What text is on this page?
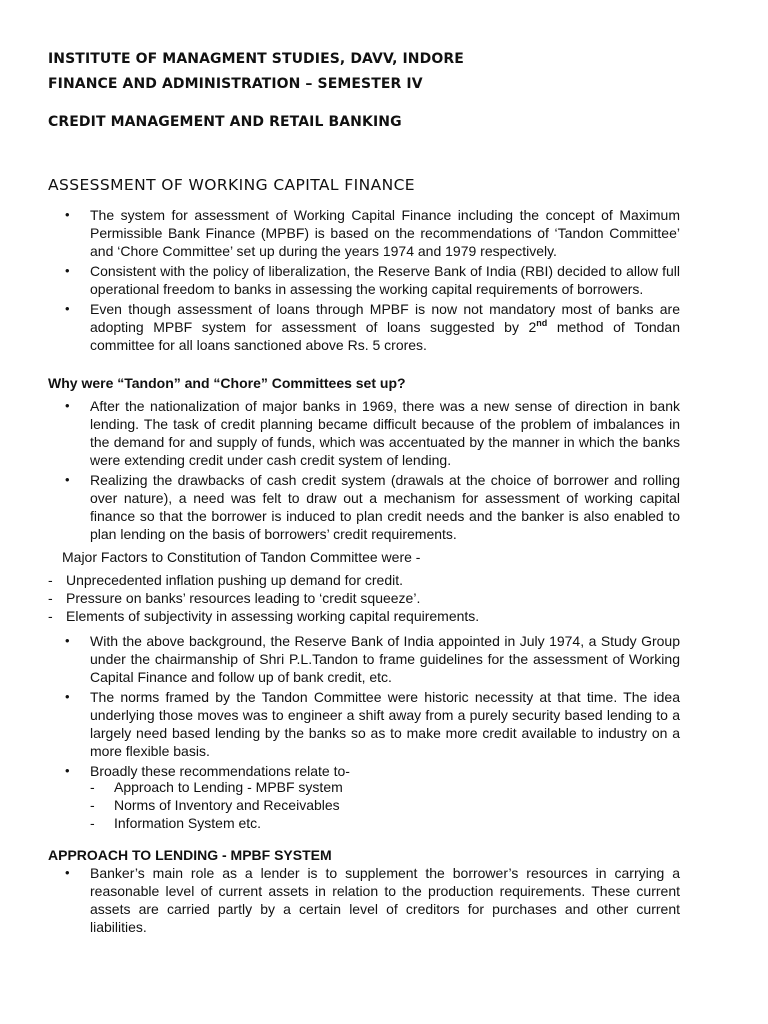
INSTITUTE OF MANAGMENT STUDIES, DAVV, INDORE
FINANCE AND ADMINISTRATION – SEMESTER IV
CREDIT MANAGEMENT AND RETAIL BANKING
ASSESSMENT OF WORKING CAPITAL FINANCE
• The system for assessment of Working Capital Finance including the concept of Maximum Permissible Bank Finance (MPBF) is based on the recommendations of ‘Tandon Committee’ and ‘Chore Committee’ set up during the years 1974 and 1979 respectively.
• Consistent with the policy of liberalization, the Reserve Bank of India (RBI) decided to allow full operational freedom to banks in assessing the working capital requirements of borrowers.
• Even though assessment of loans through MPBF is now not mandatory most of banks are adopting MPBF system for assessment of loans suggested by 2nd method of Tondan committee for all loans sanctioned above Rs. 5 crores.
Why were “Tandon” and “Chore” Committees set up?
• After the nationalization of major banks in 1969, there was a new sense of direction in bank lending. The task of credit planning became difficult because of the problem of imbalances in the demand for and supply of funds, which was accentuated by the manner in which the banks were extending credit under cash credit system of lending.
• Realizing the drawbacks of cash credit system (drawals at the choice of borrower and rolling over nature), a need was felt to draw out a mechanism for assessment of working capital finance so that the borrower is induced to plan credit needs and the banker is also enabled to plan lending on the basis of borrowers’ credit requirements.
Major Factors to Constitution of Tandon Committee were -
- Unprecedented inflation pushing up demand for credit.
- Pressure on banks’ resources leading to ‘credit squeeze’.
- Elements of subjectivity in assessing working capital requirements.
• With the above background, the Reserve Bank of India appointed in July 1974, a Study Group under the chairmanship of Shri P.L.Tandon to frame guidelines for the assessment of Working Capital Finance and follow up of bank credit, etc.
• The norms framed by the Tandon Committee were historic necessity at that time. The idea underlying those moves was to engineer a shift away from a purely security based lending to a largely need based lending by the banks so as to make more credit available to industry on a more flexible basis.
• Broadly these recommendations relate to-
- Approach to Lending - MPBF system
- Norms of Inventory and Receivables
- Information System etc.
APPROACH TO LENDING - MPBF SYSTEM
• Banker’s main role as a lender is to supplement the borrower’s resources in carrying a reasonable level of current assets in relation to the production requirements. These current assets are carried partly by a certain level of creditors for purchases and other current liabilities.
